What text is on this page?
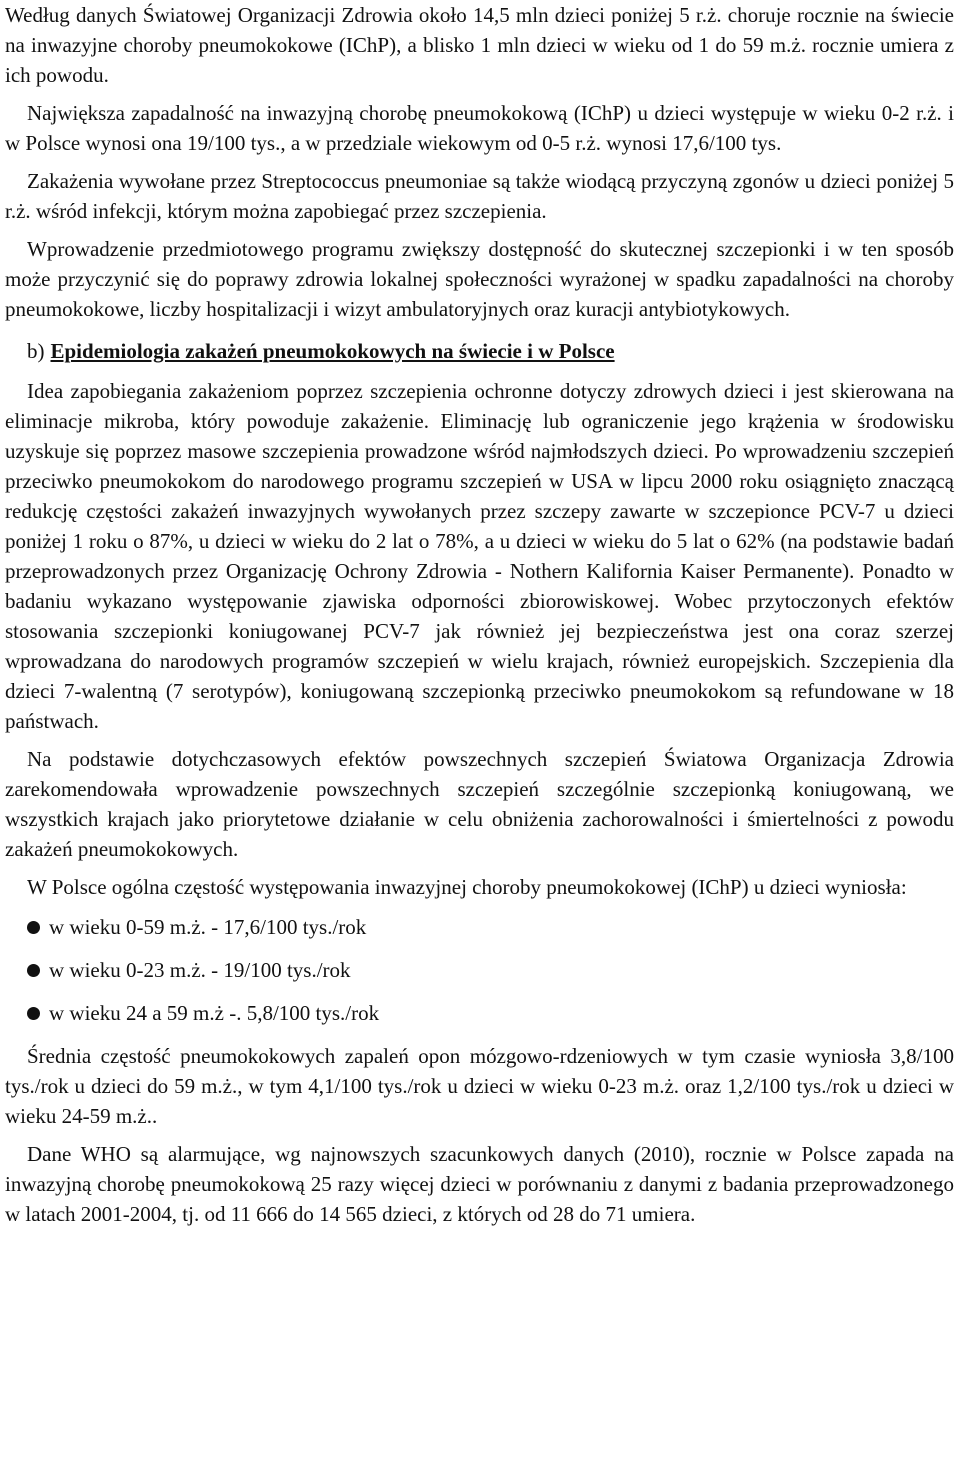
Według danych Światowej Organizacji Zdrowia około 14,5 mln dzieci poniżej 5 r.ż. choruje rocznie na świecie na inwazyjne choroby pneumokokowe (IChP), a blisko 1 mln dzieci w wieku od 1 do 59 m.ż. rocznie umiera z ich powodu.

Największa zapadalność na inwazyjną chorobę pneumokokową (IChP) u dzieci występuje w wieku 0-2 r.ż. i w Polsce wynosi ona 19/100 tys., a w przedziale wiekowym od 0-5 r.ż. wynosi 17,6/100 tys.

Zakażenia wywołane przez Streptococcus pneumoniae są także wiodącą przyczyną zgonów u dzieci poniżej 5 r.ż. wśród infekcji, którym można zapobiegać przez szczepienia.

Wprowadzenie przedmiotowego programu zwiększy dostępność do skutecznej szczepionki i w ten sposób może przyczynić się do poprawy zdrowia lokalnej społeczności wyrażonej w spadku zapadalności na choroby pneumokokowe, liczby hospitalizacji i wizyt ambulatoryjnych oraz kuracji antybiotykowych.

b) Epidemiologia zakażeń pneumokokowych na świecie i w Polsce

Idea zapobiegania zakażeniom poprzez szczepienia ochronne dotyczy zdrowych dzieci i jest skierowana na eliminacje mikroba, który powoduje zakażenie. Eliminację lub ograniczenie jego krążenia w środowisku uzyskuje się poprzez masowe szczepienia prowadzone wśród najmłodszych dzieci. Po wprowadzeniu szczepień przeciwko pneumokokom do narodowego programu szczepień w USA w lipcu 2000 roku osiągnięto znaczącą redukcję częstości zakażeń inwazyjnych wywołanych przez szczepy zawarte w szczepionce PCV-7 u dzieci poniżej 1 roku o 87%, u dzieci w wieku do 2 lat o 78%, a u dzieci w wieku do 5 lat o 62% (na podstawie badań przeprowadzonych przez Organizację Ochrony Zdrowia - Nothern Kalifornia Kaiser Permanente). Ponadto w badaniu wykazano występowanie zjawiska odporności zbiorowiskowej. Wobec przytoczonych efektów stosowania szczepionki koniugowanej PCV-7 jak również jej bezpieczeństwa jest ona coraz szerzej wprowadzana do narodowych programów szczepień w wielu krajach, również europejskich. Szczepienia dla dzieci 7-walentną (7 serotypów), koniugowaną szczepionką przeciwko pneumokokom są refundowane w 18 państwach.

Na podstawie dotychczasowych efektów powszechnych szczepień Światowa Organizacja Zdrowia zarekomendowała wprowadzenie powszechnych szczepień szczególnie szczepionką koniugowaną, we wszystkich krajach jako priorytetowe działanie w celu obniżenia zachorowalności i śmiertelności z powodu zakażeń pneumokokowych.

W Polsce ogólna częstość występowania inwazyjnej choroby pneumokokowej (IChP) u dzieci wyniosła:

w wieku 0-59 m.ż. - 17,6/100 tys./rok
w wieku 0-23 m.ż. - 19/100 tys./rok
w wieku 24 a 59 m.ż -. 5,8/100 tys./rok

Średnia częstość pneumokokowych zapaleń opon mózgowo-rdzeniowych w tym czasie wyniosła 3,8/100 tys./rok u dzieci do 59 m.ż., w tym 4,1/100 tys./rok u dzieci w wieku 0-23 m.ż. oraz 1,2/100 tys./rok u dzieci w wieku 24-59 m.ż..

Dane WHO są alarmujące, wg najnowszych szacunkowych danych (2010), rocznie w Polsce zapada na inwazyjną chorobę pneumokokową 25 razy więcej dzieci w porównaniu z danymi z badania przeprowadzonego w latach 2001-2004, tj. od 11 666 do 14 565 dzieci, z których od 28 do 71 umiera.
